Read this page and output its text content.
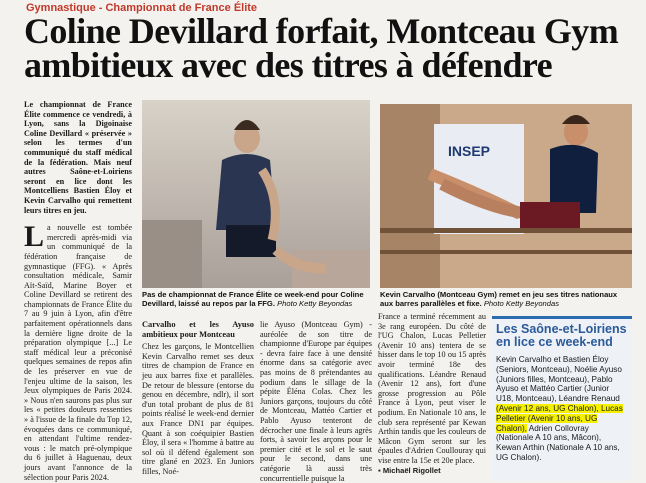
Gymnastique - Championnat de France Élite
Coline Devillard forfait, Montceau Gym ambitieux avec des titres à défendre
Le championnat de France Élite commence ce vendredi, à Lyon, sans la Digoinaise Coline Devillard « préservée » selon les termes d'un communiqué du staff médical de la fédération. Mais neuf autres Saône-et-Loiriens seront en lice dont les Montcelliens Bastien Éloy et Kevin Carvalho qui remettent leurs titres en jeu.
La nouvelle est tombée mercredi après-midi via un communiqué de la fédération française de gymnastique (FFG). « Après consultation médicale, Samir Aït-Saïd, Marine Boyer et Coline Devillard se retirent des championnats de France Élite du 7 au 9 juin à Lyon, afin d'être parfaitement opérationnels dans la dernière ligne droite de la préparation olympique [...] Le staff médical leur a préconisé quelques semaines de repos afin de les préserver en vue de l'enjeu ultime de la saison, les Jeux olympiques de Paris 2024. » Nous n'en saurons pas plus sur les « petites douleurs ressenties » à l'issue de la finale du Top 12, évoquées dans ce communiqué, en attendant l'ultime rendez-vous : le match pré-olympique du 6 juillet à Haguenau, deux jours avant l'annonce de la sélection pour Paris 2024.
Pas de championnat de France Élite ce week-end pour Coline Devillard, laissé au repos par la FFG. Photo Ketty Beyondas
INSEP
Kevin Carvalho (Montceau Gym) remet en jeu ses titres nationaux aux barres parallèles et fixe. Photo Ketty Beyondas
Carvalho et les Ayuso ambitieux pour Montceau
Chez les garçons, le Montcellien Kevin Carvalho remet ses deux titres de champion de France en jeu aux barres fixe et parallèles. De retour de blessure (entorse du genou en décembre, ndlr), il sort d'un total probant de plus de 81 points réalisé le week-end dernier aux France DN1 par équipes. Quant à son coéquipier Bastien Éloy, il sera « l'homme à battre au sol où il défend également son titre glané en 2023. En Juniors filles, Noé-
lie Ayuso (Montceau Gym) - auréolée de son titre de championne d'Europe par équipes - devra faire face à une densité énorme dans sa catégorie avec pas moins de 8 prétendantes au podium dans le sillage de la pépite Éléna Colas. Chez les Juniors garçons, toujours du côté de Montceau, Mattéo Cartier et Pablo Ayuso tenteront de décrocher une finale à leurs agrès forts, à savoir les arçons pour le premier cité et le sol et le saut pour le second, dans une catégorie là aussi très concurrentielle puisque la
France a terminé récemment au 3e rang européen. Du côté de l'UG Chalon, Lucas Pelletier (Avenir 10 ans) tentera de se hisser dans le top 10 ou 15 après avoir terminé 18e des qualifications. Léandre Renaud (Avenir 12 ans), fort d'une grosse progression au Pôle France à Lyon, peut viser le podium. En Nationale 10 ans, le club sera représenté par Kewan Arthin tandis que les couleurs de Mâcon Gym seront sur les épaules d'Adrien Coullouray qui vise entre la 15e et 20e place.
▪ Michaël Rigollet
Les Saône-et-Loiriens en lice ce week-end
Kevin Carvalho et Bastien Éloy (Seniors, Montceau), Noélie Ayuso (Juniors filles, Montceau), Pablo Ayuso et Mattéo Cartier (Junior U18, Montceau), Léandre Renaud (Avenir 12 ans, UG Chalon), Lucas Pelletier (Avenir 10 ans, UG Chalon), Adrien Collovray (Nationale A 10 ans, Mâcon), Kewan Arthin (Nationale A 10 ans, UG Chalon).
